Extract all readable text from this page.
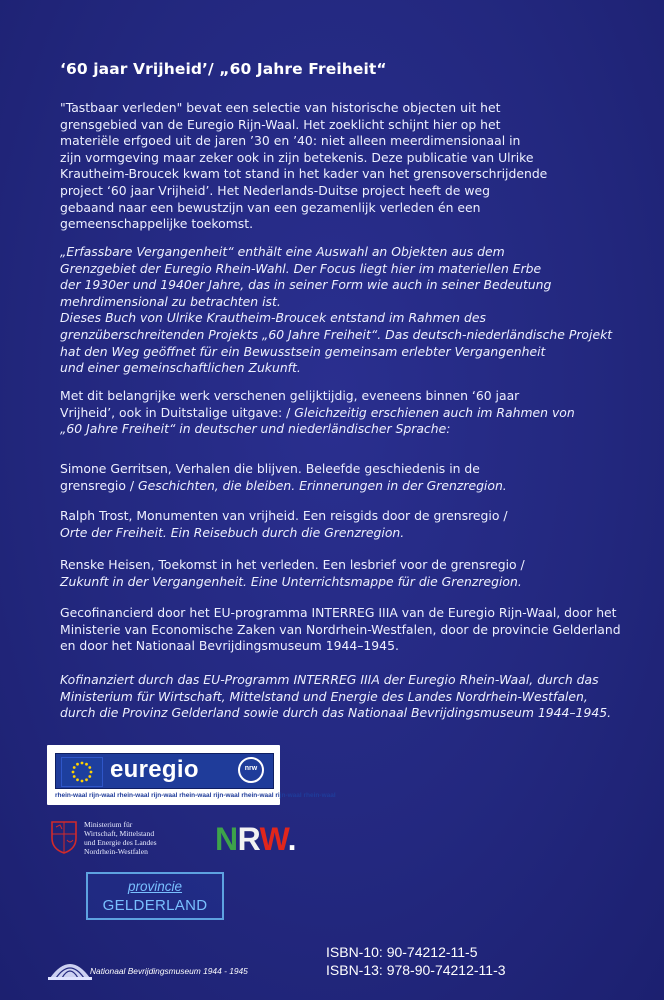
‘60 jaar Vrijheid’/ „60 Jahre Freiheit“

"Tastbaar verleden" bevat een selectie van historische objecten uit het
grensgebied van de Euregio Rijn-Waal. Het zoeklicht schijnt hier op het
materiële erfgoed uit de jaren ’30 en ’40: niet alleen meerdimensionaal in
zijn vormgeving maar zeker ook in zijn betekenis. Deze publicatie van Ulrike
Krautheim-Broucek kwam tot stand in het kader van het grensoverschrijdende
project ‘60 jaar Vrijheid’. Het Nederlands-Duitse project heeft de weg
gebaand naar een bewustzijn van een gezamenlijk verleden én een
gemeenschappelijke toekomst.

„Erfassbare Vergangenheit“ enthält eine Auswahl an Objekten aus dem
Grenzgebiet der Euregio Rhein-Wahl. Der Focus liegt hier im materiellen Erbe
der 1930er und 1940er Jahre, das in seiner Form wie auch in seiner Bedeutung
mehrdimensional zu betrachten ist.
Dieses Buch von Ulrike Krautheim-Broucek entstand im Rahmen des
grenzüberschreitenden Projekts „60 Jahre Freiheit“. Das deutsch-niederländische Projekt
hat den Weg geöffnet für ein Bewusstsein gemeinsam erlebter Vergangenheit
und einer gemeinschaftlichen Zukunft.

Met dit belangrijke werk verschenen gelijktijdig, eveneens binnen ‘60 jaar
Vrijheid’, ook in Duitstalige uitgave: / Gleichzeitig erschienen auch im Rahmen von
„60 Jahre Freiheit“ in deutscher und niederländischer Sprache:

Simone Gerritsen, Verhalen die blijven. Beleefde geschiedenis in de
grensregio / Geschichten, die bleiben. Erinnerungen in der Grenzregion.

Ralph Trost, Monumenten van vrijheid. Een reisgids door de grensregio /
Orte der Freiheit. Ein Reisebuch durch die Grenzregion.

Renske Heisen, Toekomst in het verleden. Een lesbrief voor de grensregio /
Zukunft in der Vergangenheit. Eine Unterrichtsmappe für die Grenzregion.

Gecofinancierd door het EU-programma INTERREG IIIA van de Euregio Rijn-Waal, door het
Ministerie van Economische Zaken van Nordrhein-Westfalen, door de provincie Gelderland
en door het Nationaal Bevrijdingsmuseum 1944–1945.

Kofinanziert durch das EU-Programm INTERREG IIIA der Euregio Rhein-Waal, durch das
Ministerium für Wirtschaft, Mittelstand und Energie des Landes Nordrhein-Westfalen,
durch die Provinz Gelderland sowie durch das Nationaal Bevrijdingsmuseum 1944–1945.

euregio	nrw
rhein-waal rijn-waal rhein-waal rijn-waal rhein-waal rijn-waal rhein-waal rijn-waal rhein-waal
Ministerium für
Wirtschaft, Mittelstand
und Energie des Landes
Nordrhein-Westfalen	NRW.
provincie
GELDERLAND
Nationaal Bevrijdingsmuseum 1944 - 1945
ISBN-10: 90-74212-11-5
ISBN-13: 978-90-74212-11-3
